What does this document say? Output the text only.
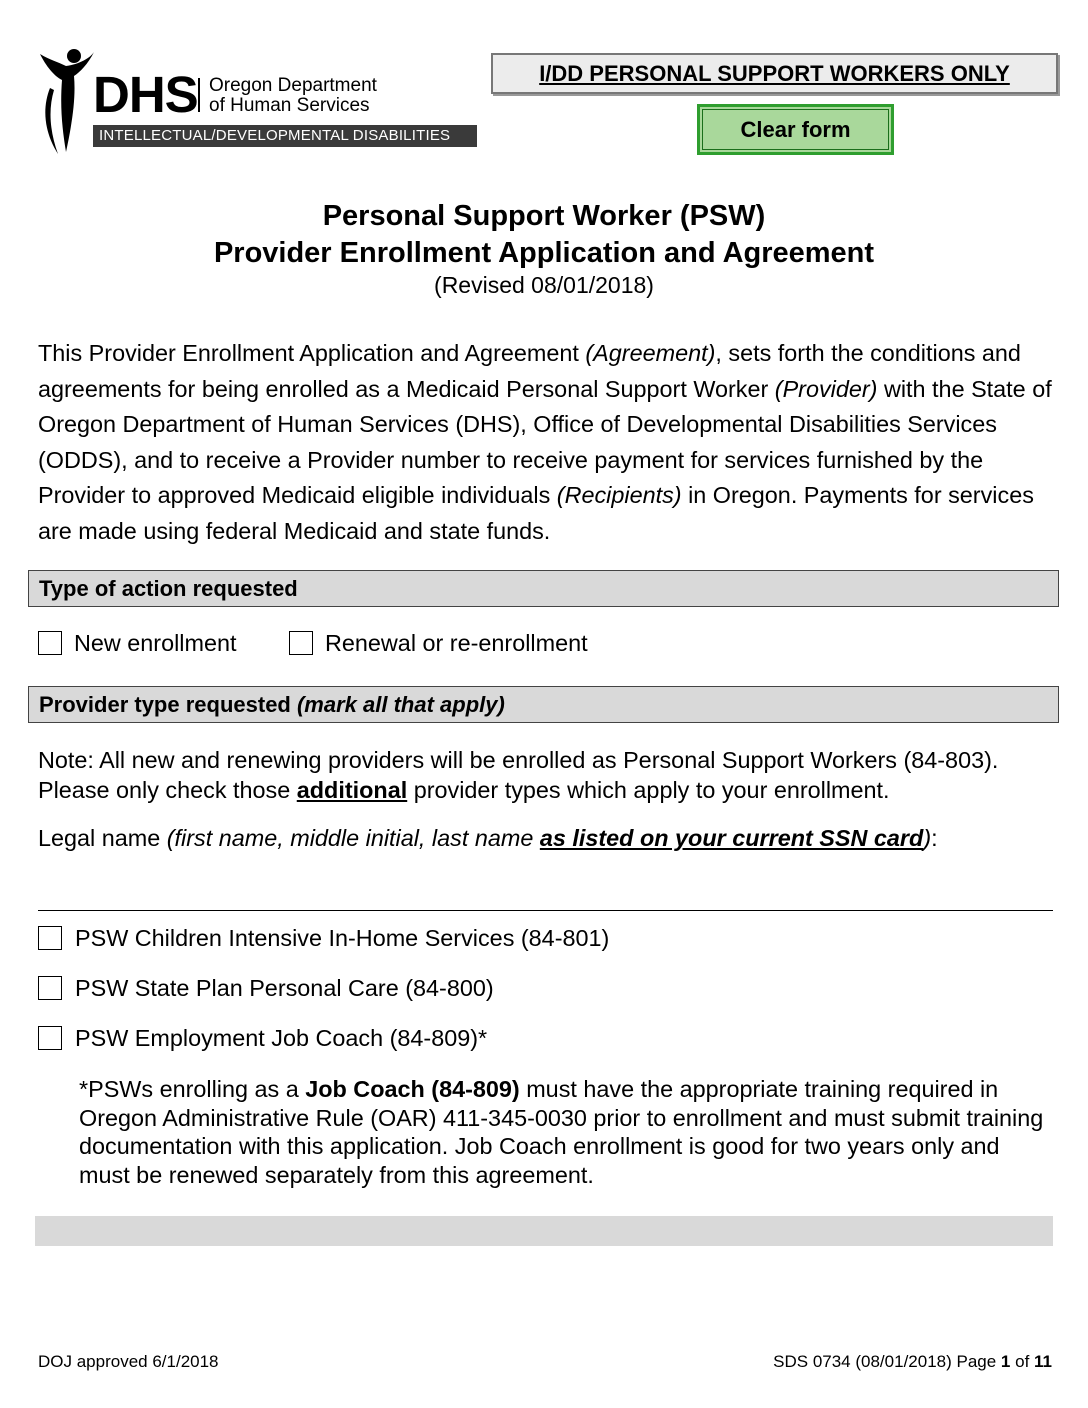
DHS Oregon Department
of Human Services
INTELLECTUAL/DEVELOPMENTAL DISABILITIES
I/DD PERSONAL SUPPORT WORKERS ONLY
Clear form
Personal Support Worker (PSW)
Provider Enrollment Application and Agreement
(Revised 08/01/2018)
This Provider Enrollment Application and Agreement (Agreement), sets forth the conditions and agreements for being enrolled as a Medicaid Personal Support Worker (Provider) with the State of Oregon Department of Human Services (DHS), Office of Developmental Disabilities Services (ODDS), and to receive a Provider number to receive payment for services furnished by the Provider to approved Medicaid eligible individuals (Recipients) in Oregon. Payments for services are made using federal Medicaid and state funds.
Type of action requested
New enrollment	Renewal or re-enrollment
Provider type requested (mark all that apply)
Note: All new and renewing providers will be enrolled as Personal Support Workers (84-803). Please only check those additional provider types which apply to your enrollment.
Legal name (first name, middle initial, last name as listed on your current SSN card):
PSW Children Intensive In-Home Services (84-801)
PSW State Plan Personal Care (84-800)
PSW Employment Job Coach (84-809)*
*PSWs enrolling as a Job Coach (84-809) must have the appropriate training required in Oregon Administrative Rule (OAR) 411-345-0030 prior to enrollment and must submit training documentation with this application. Job Coach enrollment is good for two years only and must be renewed separately from this agreement.
DOJ approved 6/1/2018	SDS 0734 (08/01/2018) Page 1 of 11
